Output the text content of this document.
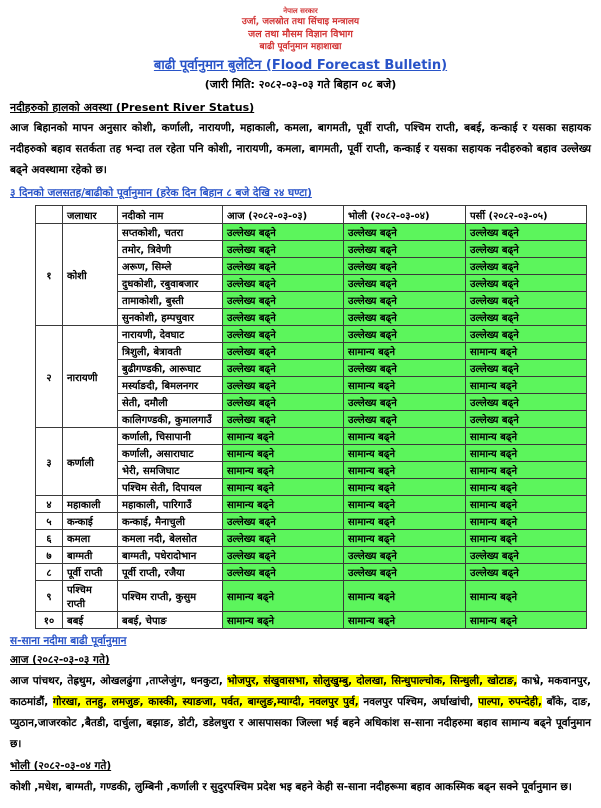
नेपाल सरकार
उर्जा, जलस्रोत तथा सिंचाइ मन्त्रालय
जल तथा मौसम विज्ञान विभाग
बाढी पूर्वानुमान महाशाखा
बाढी पूर्वानुमान बुलेटिन (Flood Forecast Bulletin)
(जारी मिति: २०८२-०३-०३ गते बिहान ०८ बजे)
नदीहरुको हालको अवस्था (Present River Status)
आज बिहानको मापन अनुसार कोशी, कर्णाली, नारायणी, महाकाली, कमला, बागमती, पूर्वी राप्ती, पश्चिम राप्ती, बबई, कन्काई र यसका सहायक नदीहरुको बहाव सतर्कता तह भन्दा तल रहेता पनि कोशी, नारायणी, कमला, बागमती, पूर्वी राप्ती, कन्काई र यसका सहायक नदीहरुको बहाव उल्लेख्य बढ्ने अवस्थामा रहेको छ।
३ दिनको जलसतह/बाढीको पूर्वानुमान (हरेक दिन बिहान ८ बजे देखि २४ घण्टा)
	जलाधार	नदीको नाम	आज (२०८२-०३-०३)	भोली (२०८२-०३-०४)	पर्सी (२०८२-०३-०५)
१	कोशी	सप्तकोशी, चतरा	उल्लेख्य बढ्ने	उल्लेख्य बढ्ने	उल्लेख्य बढ्ने
		तमोर, त्रिवेणी	उल्लेख्य बढ्ने	उल्लेख्य बढ्ने	उल्लेख्य बढ्ने
		अरूण, सिम्ले	उल्लेख्य बढ्ने	उल्लेख्य बढ्ने	उल्लेख्य बढ्ने
		दुधकोशी, रबुवाबजार	उल्लेख्य बढ्ने	उल्लेख्य बढ्ने	उल्लेख्य बढ्ने
		तामाकोशी, बुस्ती	उल्लेख्य बढ्ने	उल्लेख्य बढ्ने	उल्लेख्य बढ्ने
		सुनकोशी, हम्पचुवार	उल्लेख्य बढ्ने	उल्लेख्य बढ्ने	उल्लेख्य बढ्ने
२	नारायणी	नारायणी, देवघाट	उल्लेख्य बढ्ने	उल्लेख्य बढ्ने	उल्लेख्य बढ्ने
		त्रिशुली, बेत्रावती	उल्लेख्य बढ्ने	सामान्य बढ्ने	सामान्य बढ्ने
		बुढीगण्डकी, आरूघाट	उल्लेख्य बढ्ने	उल्लेख्य बढ्ने	उल्लेख्य बढ्ने
		मर्स्याङदी, बिमलनगर	उल्लेख्य बढ्ने	सामान्य बढ्ने	सामान्य बढ्ने
		सेती, दमौली	उल्लेख्य बढ्ने	उल्लेख्य बढ्ने	उल्लेख्य बढ्ने
		कालिगण्डकी, कुमालगाउँ	उल्लेख्य बढ्ने	उल्लेख्य बढ्ने	उल्लेख्य बढ्ने
३	कर्णाली	कर्णाली, चिसापानी	सामान्य बढ्ने	सामान्य बढ्ने	सामान्य बढ्ने
		कर्णाली, असाराघाट	सामान्य बढ्ने	सामान्य बढ्ने	सामान्य बढ्ने
		भेरी, समजिघाट	सामान्य बढ्ने	सामान्य बढ्ने	सामान्य बढ्ने
		पश्चिम सेती, दिपायल	सामान्य बढ्ने	सामान्य बढ्ने	सामान्य बढ्ने
४	महाकाली	महाकाली, पारिगाउँ	सामान्य बढ्ने	सामान्य बढ्ने	सामान्य बढ्ने
५	कन्काई	कन्काई, मैनाचुली	उल्लेख्य बढ्ने	सामान्य बढ्ने	सामान्य बढ्ने
६	कमला	कमला नदी, बेलसोत	उल्लेख्य बढ्ने	सामान्य बढ्ने	सामान्य बढ्ने
७	बाग्मती	बाग्मती, पधेरादोभान	उल्लेख्य बढ्ने	उल्लेख्य बढ्ने	उल्लेख्य बढ्ने
८	पूर्वी राप्ती	पूर्वी राप्ती, रजैया	उल्लेख्य बढ्ने	उल्लेख्य बढ्ने	उल्लेख्य बढ्ने
९	पश्चिम राप्ती	पश्चिम राप्ती, कुसुम	सामान्य बढ्ने	सामान्य बढ्ने	सामान्य बढ्ने
१०	बबई	बबई, चेपाङ	सामान्य बढ्ने	सामान्य बढ्ने	सामान्य बढ्ने
स-साना नदीमा बाढी पूर्वानुमान
आज (२०८२-०३-०३ गते)
आज पांचथर, तेह्रथुम, ओखलढुंगा ,ताप्लेजुंग, धनकुटा, भोजपुर, संखुवासभा, सोलुखुम्बु, दोलखा, सिन्धुपाल्चोक, सिन्धुली, खोटाङ, काभ्रे, मकवानपुर, काठमांडौं, गोरखा, तनहु, लमजुङ, कास्की, स्याङजा, पर्वत, बाग्लुङ,म्याग्दी, नवलपुर पुर्व, नवलपुर पश्चिम, अर्घाखांची, पाल्पा, रुपन्देही, बाँके, दाङ, प्युठान,जाजरकोट ,बैतडी, दार्चुला, बझाङ, डोटी, डडेलधुरा र आसपासका जिल्ला भई बहने अधिकांश स-साना नदीहरुमा बहाव सामान्य बढ्ने पूर्वानुमान छ।
भोली (२०८२-०३-०४ गते)
कोशी ,मधेश, बाग्मती, गण्डकी, लुम्बिनी ,कर्णाली र सुदुरपश्चिम प्रदेश भइ बहने केही स-साना नदीहरूमा बहाव आकस्मिक बढ्न सक्ने पूर्वानुमान छ।
